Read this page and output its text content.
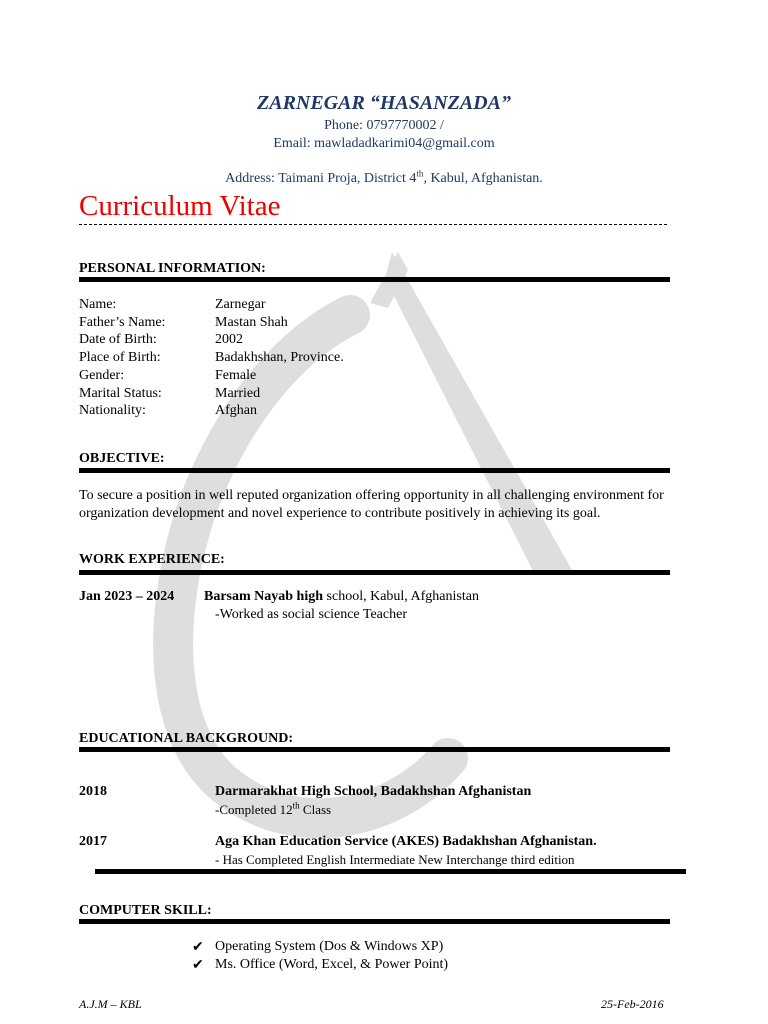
ZARNEGAR “HASANZADA”
Phone: 0797770002 /
Email: mawladadkarimi04@gmail.com
Address: Taimani Proja, District 4th, Kabul, Afghanistan.
Curriculum Vitae
PERSONAL INFORMATION:
Name:	Zarnegar
Father’s Name:	Mastan Shah
Date of Birth:	2002
Place of Birth:	Badakhshan, Province.
Gender:	Female
Marital Status:	Married
Nationality:	Afghan
OBJECTIVE:
To secure a position in well reputed organization offering opportunity in all challenging environment for organization development and novel experience to contribute positively in achieving its goal.
WORK EXPERIENCE:
Jan 2023 – 2024 Barsam Nayab high school, Kabul, Afghanistan
-Worked as social science Teacher
EDUCATIONAL BACKGROUND:
2018	Darmarakhat High School, Badakhshan Afghanistan
-Completed 12th Class
2017	Aga Khan Education Service (AKES) Badakhshan Afghanistan.
- Has Completed English Intermediate New Interchange third edition
COMPUTER SKILL:
✔ Operating System (Dos & Windows XP)
✔ Ms. Office (Word, Excel, & Power Point)
A.J.M – KBL	25-Feb-2016
